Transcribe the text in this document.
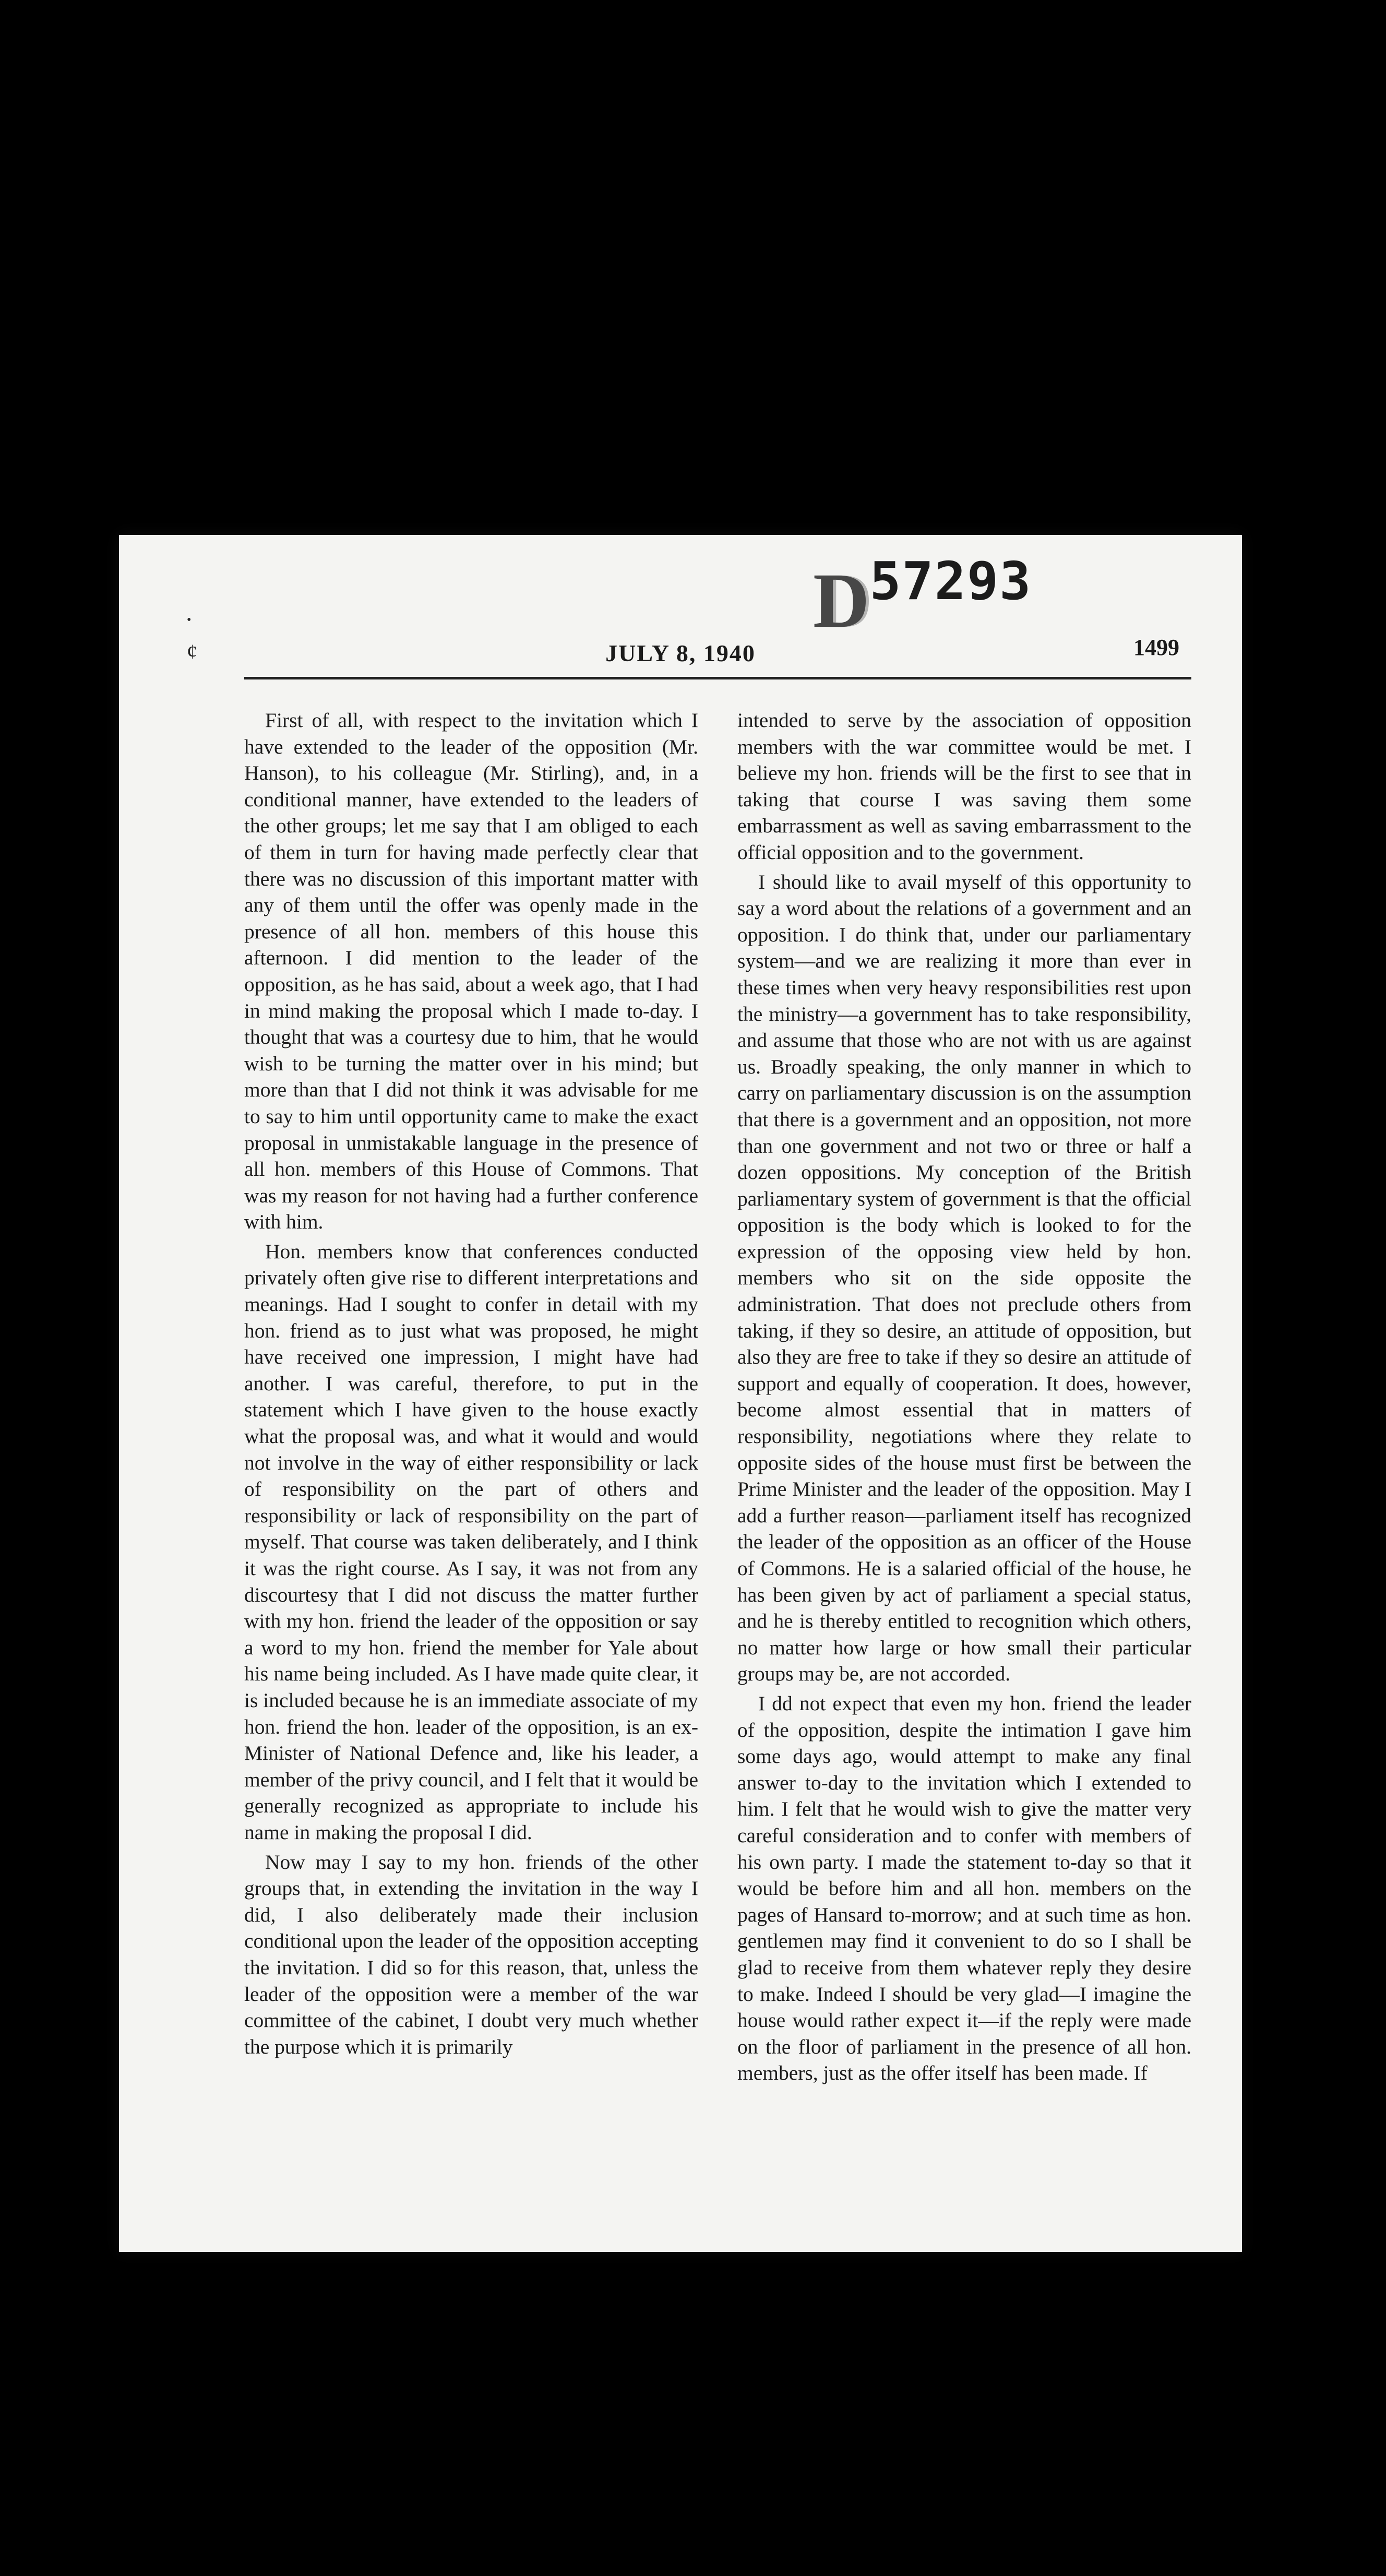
D57293
•
¢	JULY 8, 1940	1499

First of all, with respect to the invitation which I have extended to the leader of the opposition (Mr. Hanson), to his colleague (Mr. Stirling), and, in a conditional manner, have extended to the leaders of the other groups; let me say that I am obliged to each of them in turn for having made perfectly clear that there was no discussion of this important matter with any of them until the offer was openly made in the presence of all hon. members of this house this afternoon. I did mention to the leader of the opposition, as he has said, about a week ago, that I had in mind making the proposal which I made to-day. I thought that was a courtesy due to him, that he would wish to be turning the matter over in his mind; but more than that I did not think it was advisable for me to say to him until opportunity came to make the exact proposal in unmistakable language in the presence of all hon. members of this House of Commons. That was my reason for not having had a further conference with him.

Hon. members know that conferences conducted privately often give rise to different interpretations and meanings. Had I sought to confer in detail with my hon. friend as to just what was proposed, he might have received one impression, I might have had another. I was careful, therefore, to put in the statement which I have given to the house exactly what the proposal was, and what it would and would not involve in the way of either responsibility or lack of responsibility on the part of others and responsibility or lack of responsibility on the part of myself. That course was taken deliberately, and I think it was the right course. As I say, it was not from any discourtesy that I did not discuss the matter further with my hon. friend the leader of the opposition or say a word to my hon. friend the member for Yale about his name being included. As I have made quite clear, it is included because he is an immediate associate of my hon. friend the hon. leader of the opposition, is an ex-Minister of National Defence and, like his leader, a member of the privy council, and I felt that it would be generally recognized as appropriate to include his name in making the proposal I did.

Now may I say to my hon. friends of the other groups that, in extending the invitation in the way I did, I also deliberately made their inclusion conditional upon the leader of the opposition accepting the invitation. I did so for this reason, that, unless the leader of the opposition were a member of the war committee of the cabinet, I doubt very much whether the purpose which it is primarily

intended to serve by the association of opposition members with the war committee would be met. I believe my hon. friends will be the first to see that in taking that course I was saving them some embarrassment as well as saving embarrassment to the official opposition and to the government.

I should like to avail myself of this opportunity to say a word about the relations of a government and an opposition. I do think that, under our parliamentary system—and we are realizing it more than ever in these times when very heavy responsibilities rest upon the ministry—a government has to take responsibility, and assume that those who are not with us are against us. Broadly speaking, the only manner in which to carry on parliamentary discussion is on the assumption that there is a government and an opposition, not more than one government and not two or three or half a dozen oppositions. My conception of the British parliamentary system of government is that the official opposition is the body which is looked to for the expression of the opposing view held by hon. members who sit on the side opposite the administration. That does not preclude others from taking, if they so desire, an attitude of opposition, but also they are free to take if they so desire an attitude of support and equally of cooperation. It does, however, become almost essential that in matters of responsibility, negotiations where they relate to opposite sides of the house must first be between the Prime Minister and the leader of the opposition. May I add a further reason—parliament itself has recognized the leader of the opposition as an officer of the House of Commons. He is a salaried official of the house, he has been given by act of parliament a special status, and he is thereby entitled to recognition which others, no matter how large or how small their particular groups may be, are not accorded.

I dd not expect that even my hon. friend the leader of the opposition, despite the intimation I gave him some days ago, would attempt to make any final answer to-day to the invitation which I extended to him. I felt that he would wish to give the matter very careful consideration and to confer with members of his own party. I made the statement to-day so that it would be before him and all hon. members on the pages of Hansard to-morrow; and at such time as hon. gentlemen may find it convenient to do so I shall be glad to receive from them whatever reply they desire to make. Indeed I should be very glad—I imagine the house would rather expect it—if the reply were made on the floor of parliament in the presence of all hon. members, just as the offer itself has been made. If
